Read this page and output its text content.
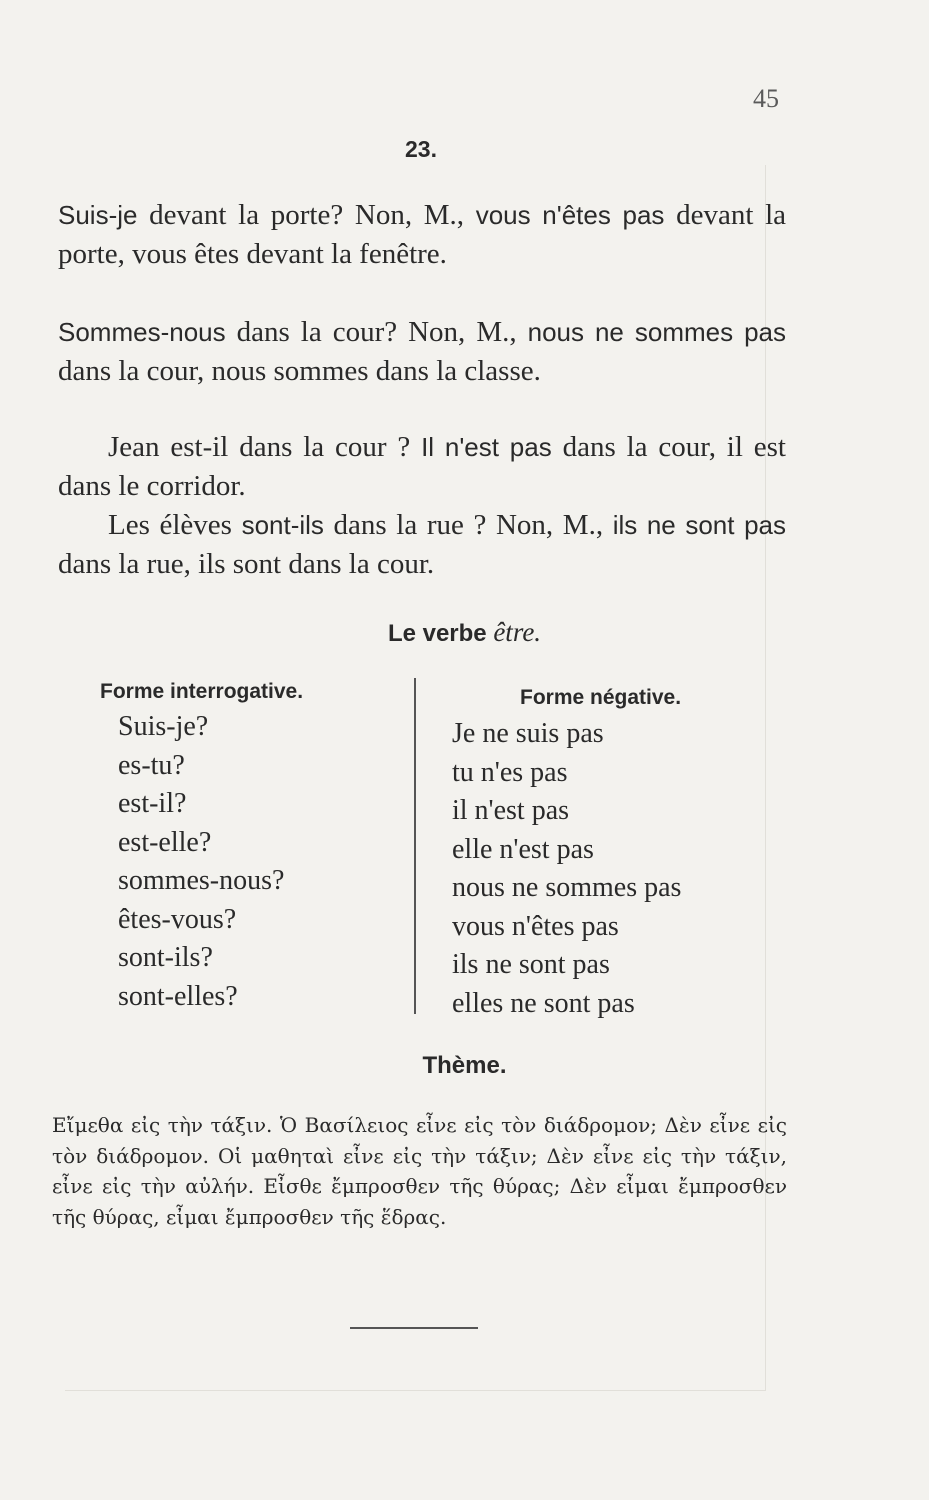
45
23.

Suis-je devant la porte? Non, M., vous n'êtes pas devant la porte, vous êtes devant la fenêtre.

Sommes-nous dans la cour? Non, M., nous ne sommes pas dans la cour, nous sommes dans la classe.

Jean est-il dans la cour ? Il n'est pas dans la cour, il est dans le corridor.

Les élèves sont-ils dans la rue ? Non, M., ils ne sont pas dans la rue, ils sont dans la cour.

Le verbe être.
Forme interrogative.	Forme négative.
Suis-je?
es-tu?
est-il?
est-elle?
sommes-nous?
êtes-vous?
sont-ils?
sont-elles?
Je ne suis pas
tu n'es pas
il n'est pas
elle n'est pas
nous ne sommes pas
vous n'êtes pas
ils ne sont pas
elles ne sont pas
Thème.

Εἴμεθα εἰς τὴν τάξιν. Ὁ Βασίλειος εἶνε εἰς τὸν διάδρομον; Δὲν εἶνε εἰς τὸν διάδρομον. Οἱ μαθηταὶ εἶνε εἰς τὴν τάξιν; Δὲν εἶνε εἰς τὴν τάξιν, εἶνε εἰς τὴν αὐλήν. Εἶσθε ἔμπροσθεν τῆς θύρας; Δὲν εἶμαι ἔμπροσθεν τῆς θύρας, εἶμαι ἔμπροσθεν τῆς ἕδρας.
